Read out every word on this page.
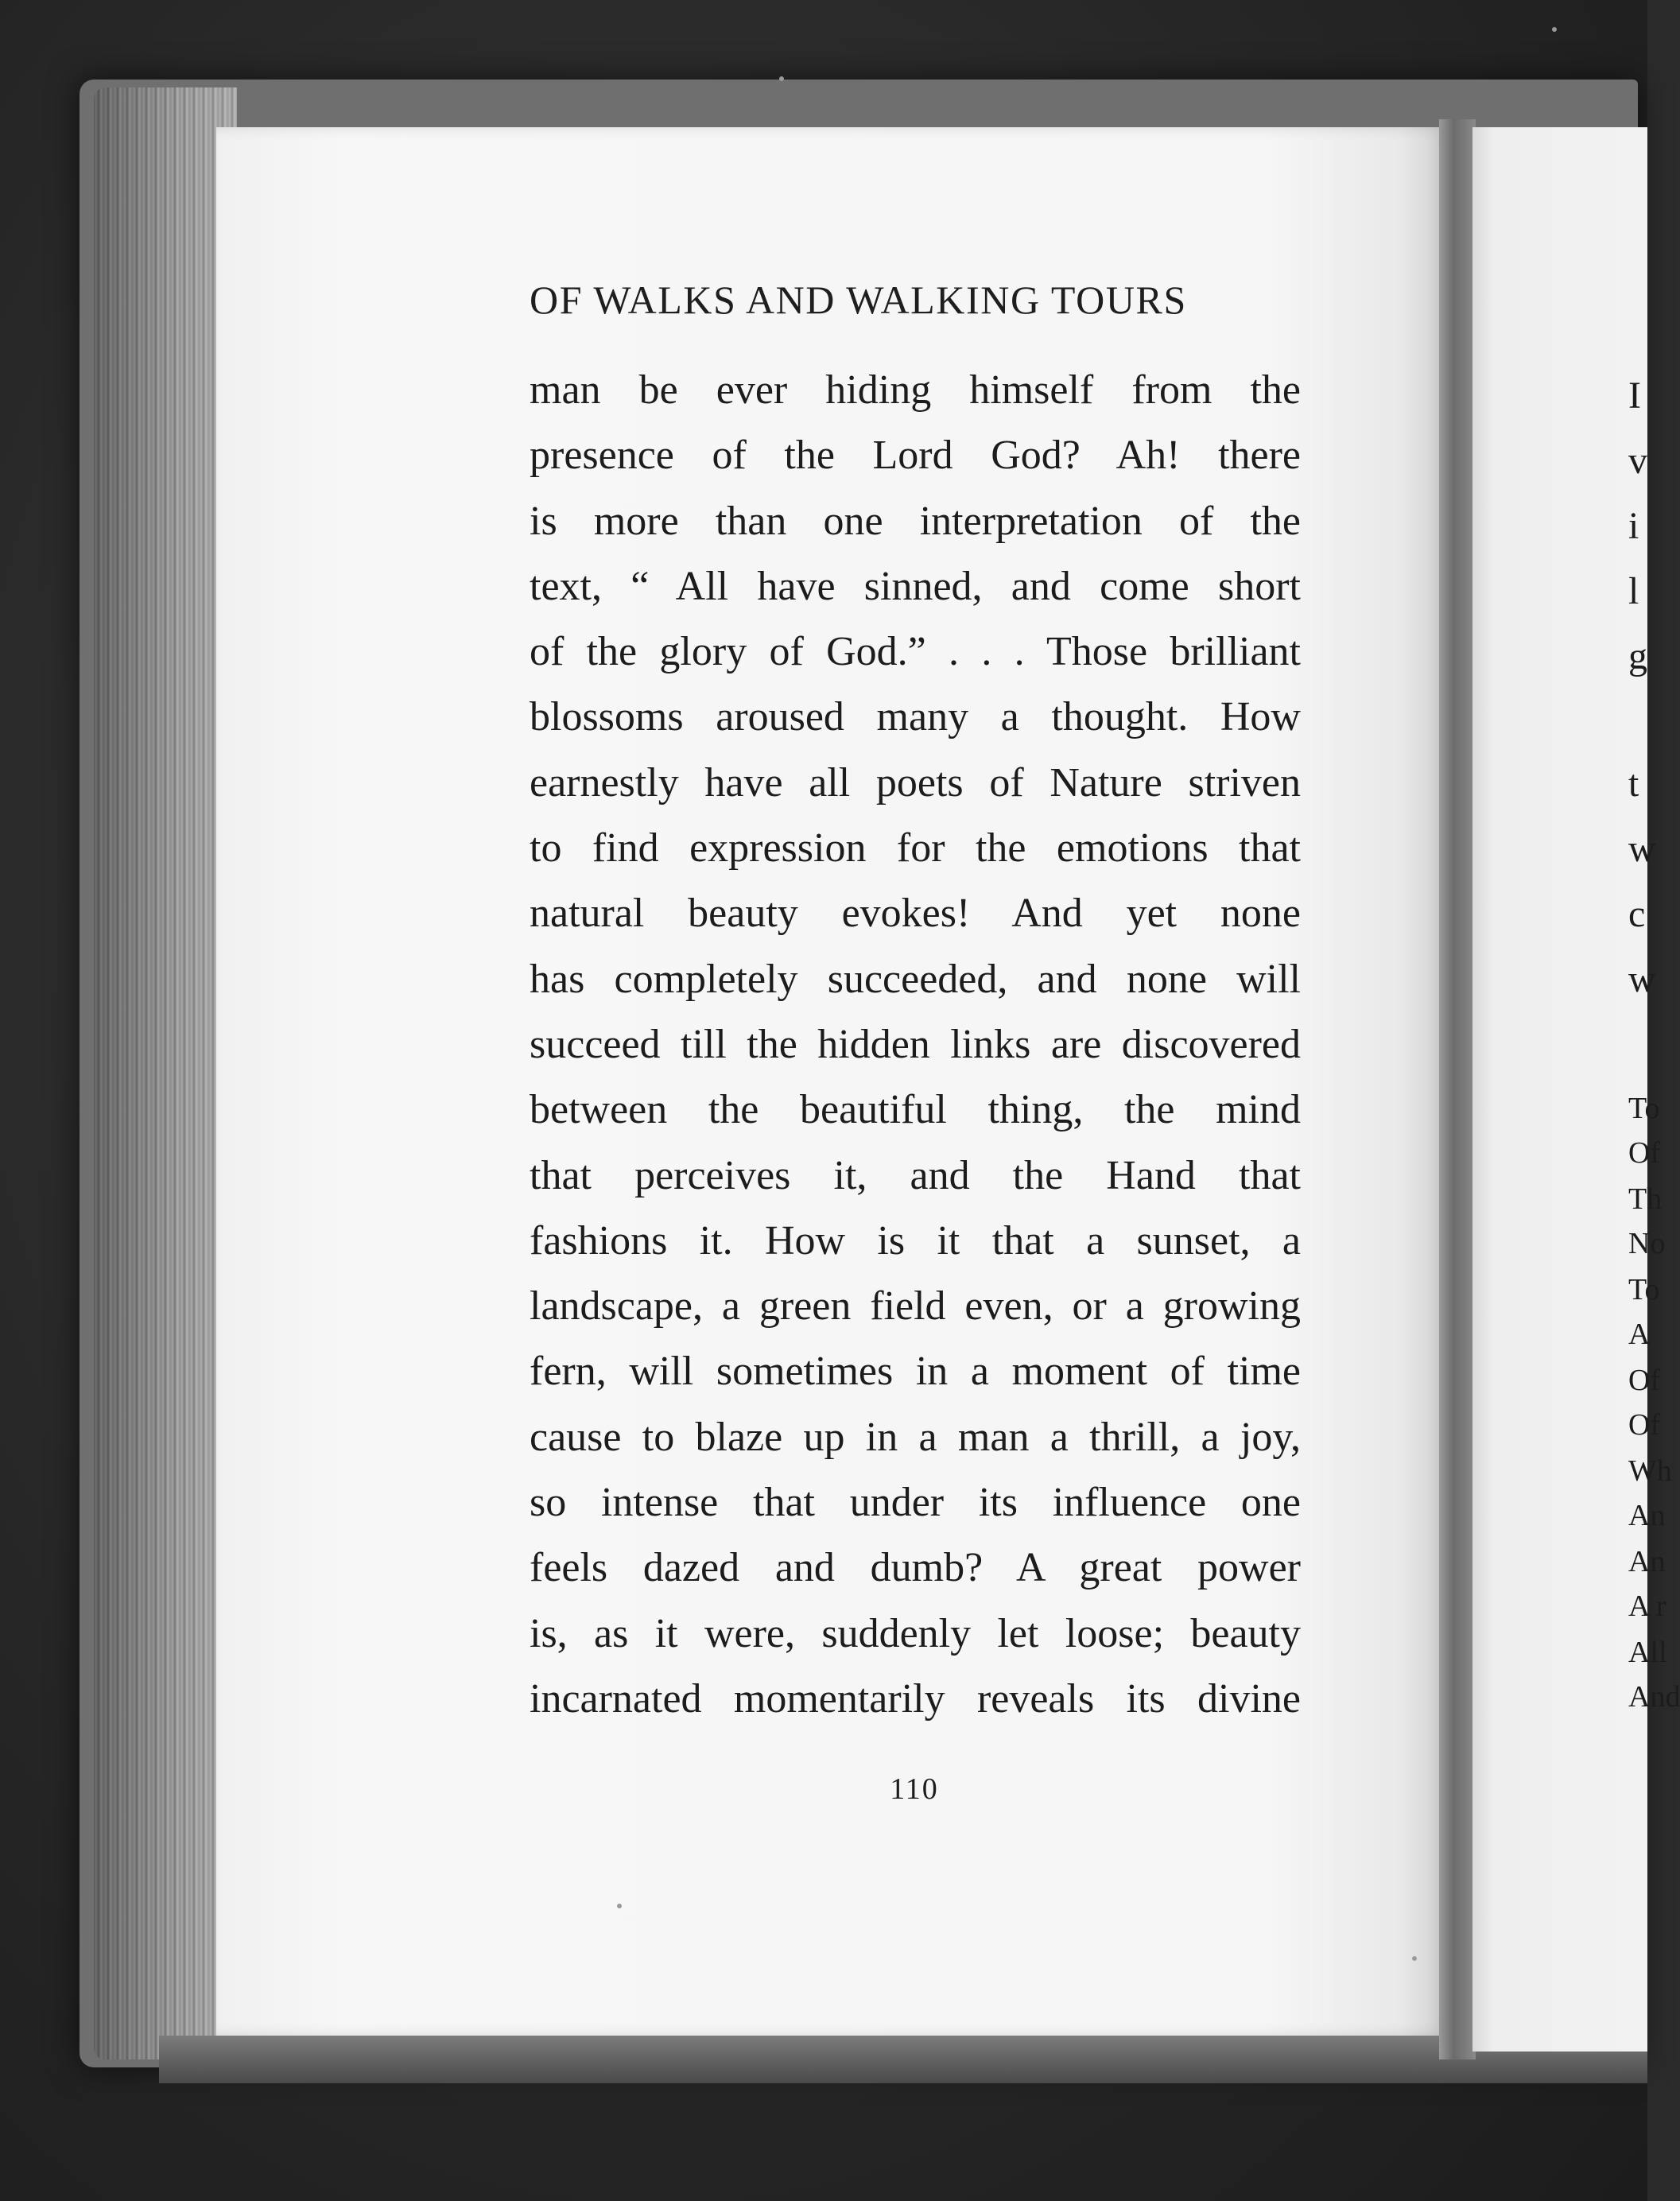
OF WALKS AND WALKING TOURS
man be ever hiding himself from the
presence of the Lord God? Ah! there
is more than one interpretation of the
text, “ All have sinned, and come short
of the glory of God.” . . . Those brilliant
blossoms aroused many a thought. How
earnestly have all poets of Nature striven
to find expression for the emotions that
natural beauty evokes! And yet none
has completely succeeded, and none will
succeed till the hidden links are discovered
between the beautiful thing, the mind
that perceives it, and the Hand that
fashions it. How is it that a sunset, a
landscape, a green field even, or a growing
fern, will sometimes in a moment of time
cause to blaze up in a man a thrill, a joy,
so intense that under its influence one
feels dazed and dumb? A great power
is, as it were, suddenly let loose; beauty
incarnated momentarily reveals its divine
110
I
v
i
l
g
t
w
c
w
To
Of
Th
No
To
A
Of
Of
Wh
An
An
A r
All
And
